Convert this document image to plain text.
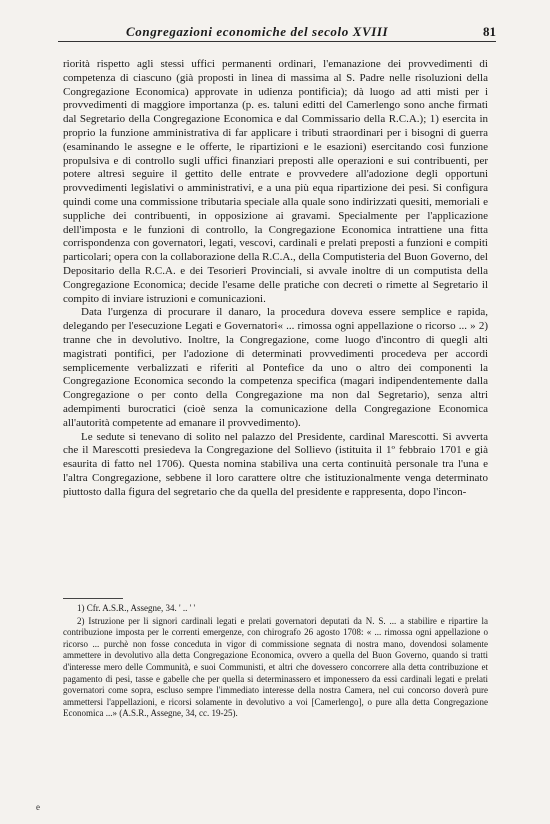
Congregazioni economiche del secolo XVIII	81

riorità rispetto agli stessi uffici permanenti ordinari, l'emanazione dei provvedimenti di competenza di ciascuno (già proposti in linea di massima al S. Padre nelle risoluzioni della Congregazione Economica) approvate in udienza pontificia); dà luogo ad atti misti per i provvedimenti di maggiore importanza (p. es. taluni editti del Camerlengo sono anche firmati dal Segretario della Congregazione Economica e dal Commissario della R.C.A.); 1) esercita in proprio la funzione amministrativa di far applicare i tributi straordinari per i bisogni di guerra (esaminando le assegne e le offerte, le ripartizioni e le esazioni) esercitando così funzione propulsiva e di controllo sugli uffici finanziari preposti alle operazioni e sui contribuenti, per potere altresì seguire il gettito delle entrate e provvedere all'adozione degli opportuni provvedimenti legislativi o amministrativi, e a una più equa ripartizione dei pesi. Si configura quindi come una commissione tributaria speciale alla quale sono indirizzati quesiti, memoriali e suppliche dei contribuenti, in opposizione ai gravami. Specialmente per l'applicazione dell'imposta e le funzioni di controllo, la Congregazione Economica intrattiene una fitta corrispondenza con governatori, legati, vescovi, cardinali e prelati preposti a funzioni e compiti particolari; opera con la collaborazione della R.C.A., della Computisteria del Buon Governo, del Depositario della R.C.A. e dei Tesorieri Provinciali, si avvale inoltre di un computista della Congregazione Economica; decide l'esame delle pratiche con decreti o rimette al Segretario il compito di inviare istruzioni e comunicazioni.

Data l'urgenza di procurare il danaro, la procedura doveva essere semplice e rapida, delegando per l'esecuzione Legati e Governatori« ... rimossa ogni appellazione o ricorso ... » 2) tranne che in devolutivo. Inoltre, la Congregazione, come luogo d'incontro di quegli alti magistrati pontifici, per l'adozione di determinati provvedimenti procedeva per accordi semplicemente verbalizzati e riferiti al Pontefice da uno o altro dei componenti la Congregazione Economica secondo la competenza specifica (magari indipendentemente dalla Congregazione o per conto della Congregazione ma non dal Segretario), senza altri adempimenti burocratici (cioè senza la comunicazione della Congregazione Economica all'autorità competente ad emanare il provvedimento).

Le sedute si tenevano di solito nel palazzo del Presidente, cardinal Marescotti. Si avverta che il Marescotti presiedeva la Congregazione del Sollievo (istituita il 1º febbraio 1701 e già esaurita di fatto nel 1706). Questa nomina stabiliva una certa continuità personale tra l'una e l'altra Congregazione, sebbene il loro carattere oltre che istituzionalmente venga determinato piuttosto dalla figura del segretario che da quella del presidente e rappresenta, dopo l'incon-

1) Cfr. A.S.R., Assegne, 34. ' .. ' '

2) Istruzione per li signori cardinali legati e prelati governatori deputati da N. S. ... a stabilire e ripartire la contribuzione imposta per le correnti emergenze, con chirografo 26 agosto 1708: « ... rimossa ogni appellazione o ricorso ... purchè non fosse conceduta in vigor di commissione segnata di nostra mano, dovendosi solamente ammettere in devolutivo alla detta Congregazione Economica, ovvero a quella del Buon Governo, quando si tratti d'interesse mero delle Communità, e suoi Communisti, et altri che dovessero concorrere alla detta contribuzione et pagamento di pesi, tasse e gabelle che per quella si determinassero et imponessero da essi cardinali legati e prelati governatori come sopra, escluso sempre l'immediato interesse della nostra Camera, nel cui concorso doverà pure ammettersi l'appellazioni, e ricorsi solamente in devolutivo a voi [Camerlengo], o pure alla detta Congregazione Economica ...» (A.S.R., Assegne, 34, cc. 19-25).

e
